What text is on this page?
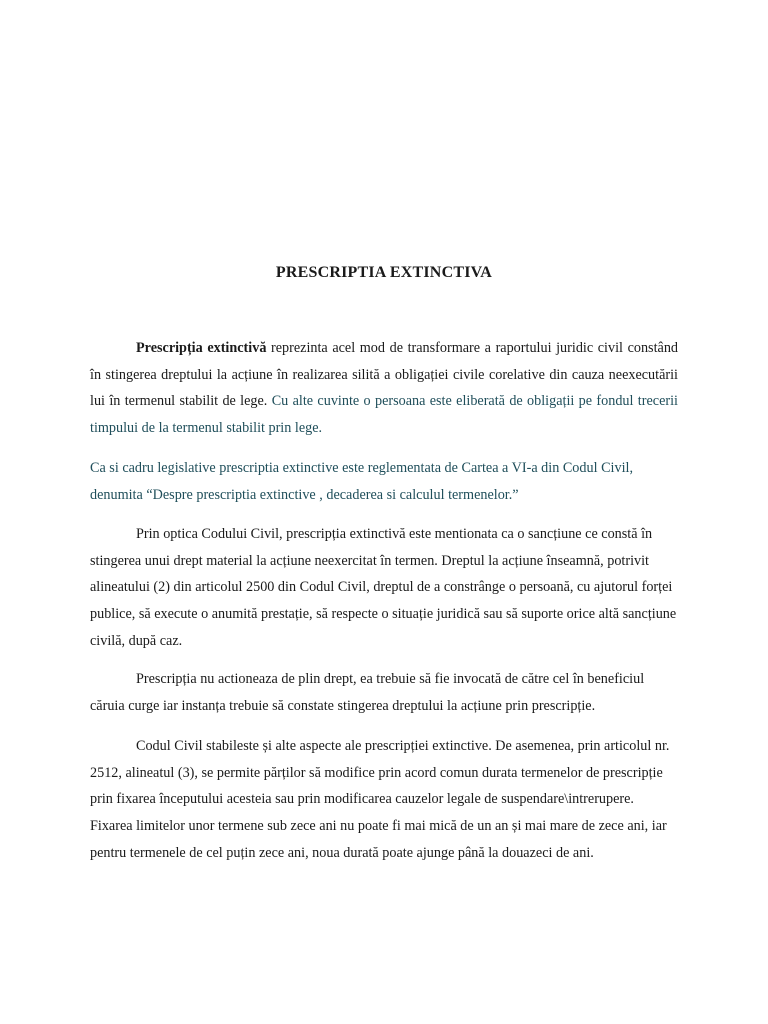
PRESCRIPTIA EXTINCTIVA

Prescripția extinctivă reprezinta acel mod de transformare a raportului juridic civil constând în stingerea dreptului la acțiune în realizarea silită a obligației civile corelative din cauza neexecutării lui în termenul stabilit de lege. Cu alte cuvinte o persoana este eliberată de obligații pe fondul trecerii timpului de la termenul stabilit prin lege.

Ca si cadru legislative prescriptia extinctive este reglementata de Cartea a VI-a din Codul Civil, denumita “Despre prescriptia extinctive , decaderea si calculul termenelor.”

Prin optica Codului Civil, prescripția extinctivă este mentionata ca o sancțiune ce constă în stingerea unui drept material la acțiune neexercitat în termen. Dreptul la acțiune înseamnă, potrivit alineatului (2) din articolul 2500 din Codul Civil, dreptul de a constrânge o persoană, cu ajutorul forței publice, să execute o anumită prestație, să respecte o situație juridică sau să suporte orice altă sancțiune civilă, după caz.

Prescripția nu actioneaza de plin drept, ea trebuie să fie invocată de către cel în beneficiul căruia curge iar instanța trebuie să constate stingerea dreptului la acțiune prin prescripție.

Codul Civil stabileste și alte aspecte ale prescripției extinctive. De asemenea, prin articolul nr. 2512, alineatul (3), se permite părților să modifice prin acord comun durata termenelor de prescripție prin fixarea începutului acesteia sau prin modificarea cauzelor legale de suspendare\intrerupere. Fixarea limitelor unor termene sub zece ani nu poate fi mai mică de un an și mai mare de zece ani, iar pentru termenele de cel puțin zece ani, noua durată poate ajunge până la douazeci de ani.
